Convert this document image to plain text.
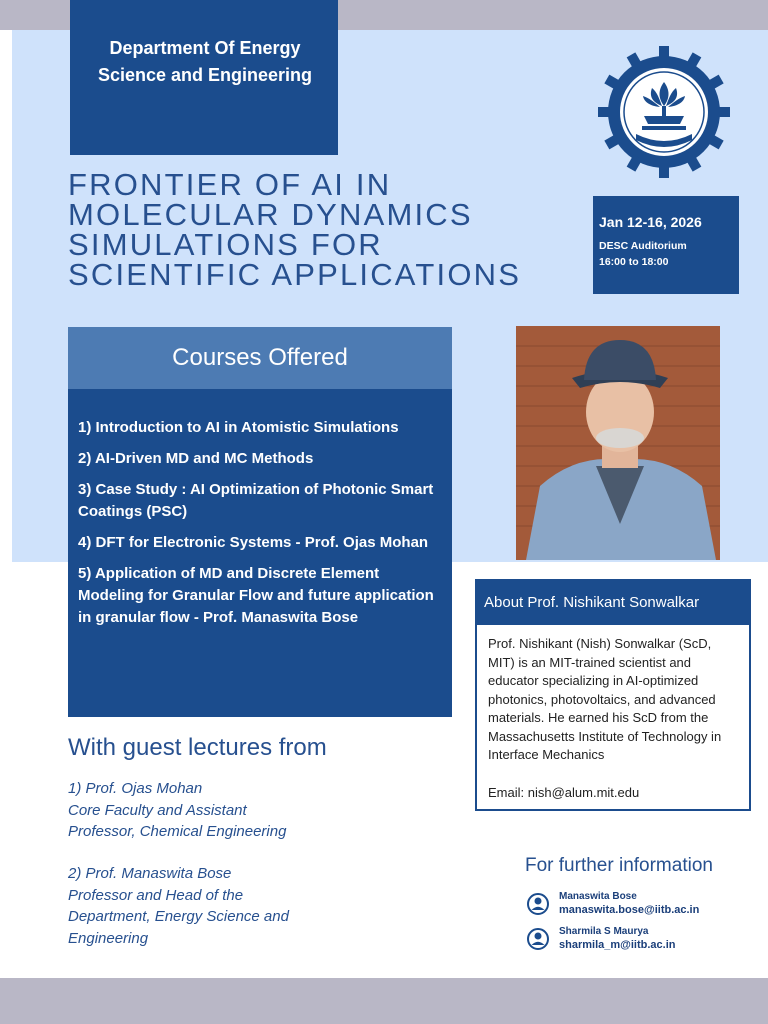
Department Of Energy
Science and Engineering
FRONTIER OF AI IN
MOLECULAR DYNAMICS
SIMULATIONS FOR
SCIENTIFIC APPLICATIONS
Jan 12-16, 2026
DESC Auditorium
16:00 to 18:00
Courses Offered
1) Introduction to AI in Atomistic Simulations
2) AI-Driven MD and MC Methods
3) Case Study : AI Optimization of Photonic Smart Coatings (PSC)
4) DFT for Electronic Systems - Prof. Ojas Mohan
5) Application of MD and Discrete Element Modeling for Granular Flow and future application in granular flow - Prof. Manaswita Bose
About Prof. Nishikant Sonwalkar
Prof. Nishikant (Nish) Sonwalkar (ScD, MIT) is an MIT-trained scientist and educator specializing in AI-optimized photonics, photovoltaics, and advanced materials. He earned his ScD from the Massachusetts Institute of Technology in Interface Mechanics
Email: nish@alum.mit.edu
With guest lectures from
1) Prof. Ojas Mohan
Core Faculty and Assistant
Professor, Chemical Engineering
2) Prof. Manaswita Bose
Professor and Head of the
Department, Energy Science and
Engineering
For further information
Manaswita Bose
manaswita.bose@iitb.ac.in
Sharmila S Maurya
sharmila_m@iitb.ac.in
